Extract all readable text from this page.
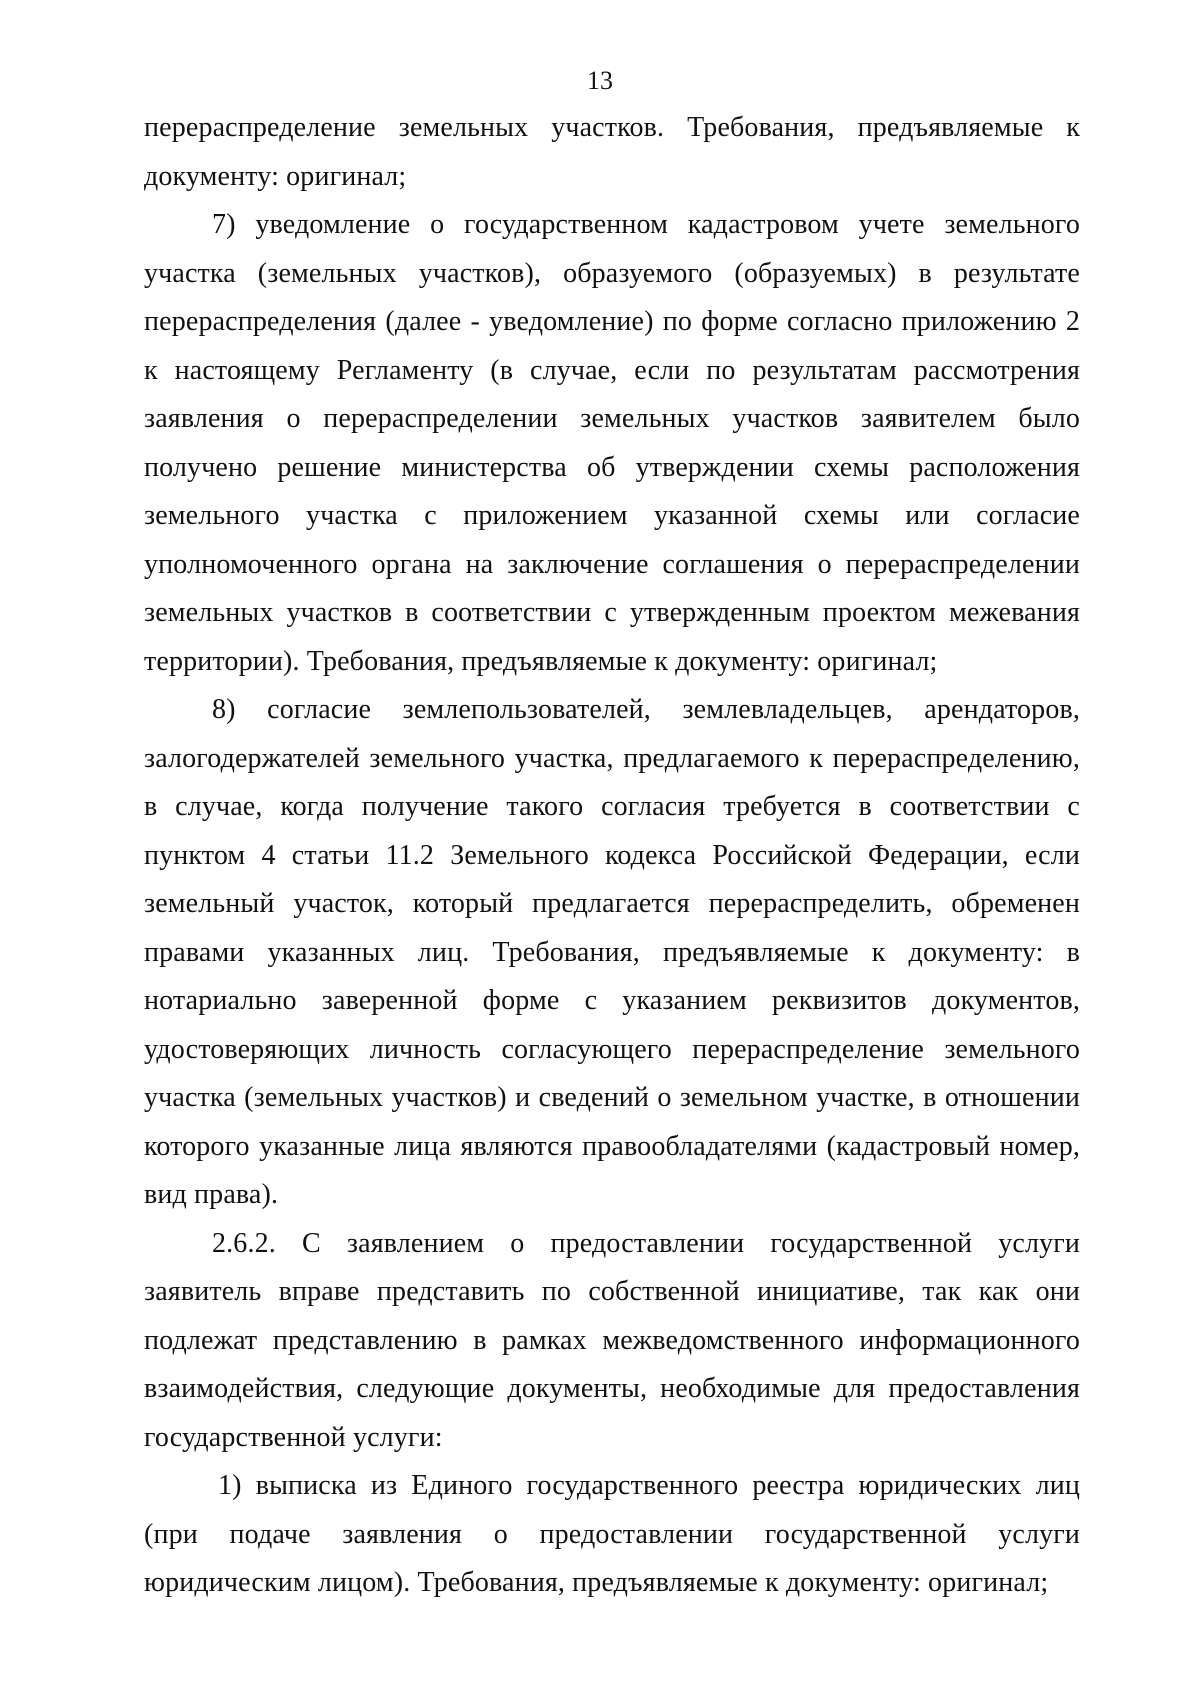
13

перераспределение земельных участков. Требования, предъявляемые к документу: оригинал;

7) уведомление о государственном кадастровом учете земельного участка (земельных участков), образуемого (образуемых) в результате перераспределения (далее - уведомление) по форме согласно приложению 2 к настоящему Регламенту (в случае, если по результатам рассмотрения заявления о перераспределении земельных участков заявителем было получено решение министерства об утверждении схемы расположения земельного участка с приложением указанной схемы или согласие уполномоченного органа на заключение соглашения о перераспределении земельных участков в соответствии с утвержденным проектом межевания территории). Требования, предъявляемые к документу: оригинал;

8) согласие землепользователей, землевладельцев, арендаторов, залогодержателей земельного участка, предлагаемого к перераспределению, в случае, когда получение такого согласия требуется в соответствии с пунктом 4 статьи 11.2 Земельного кодекса Российской Федерации, если земельный участок, который предлагается перераспределить, обременен правами указанных лиц. Требования, предъявляемые к документу: в нотариально заверенной форме с указанием реквизитов документов, удостоверяющих личность согласующего перераспределение земельного участка (земельных участков) и сведений о земельном участке, в отношении которого указанные лица являются правообладателями (кадастровый номер, вид права).

2.6.2. С заявлением о предоставлении государственной услуги заявитель вправе представить по собственной инициативе, так как они подлежат представлению в рамках межведомственного информационного взаимодействия, следующие документы, необходимые для предоставления государственной услуги:

1) выписка из Единого государственного реестра юридических лиц (при подаче заявления о предоставлении государственной услуги юридическим лицом). Требования, предъявляемые к документу: оригинал;
